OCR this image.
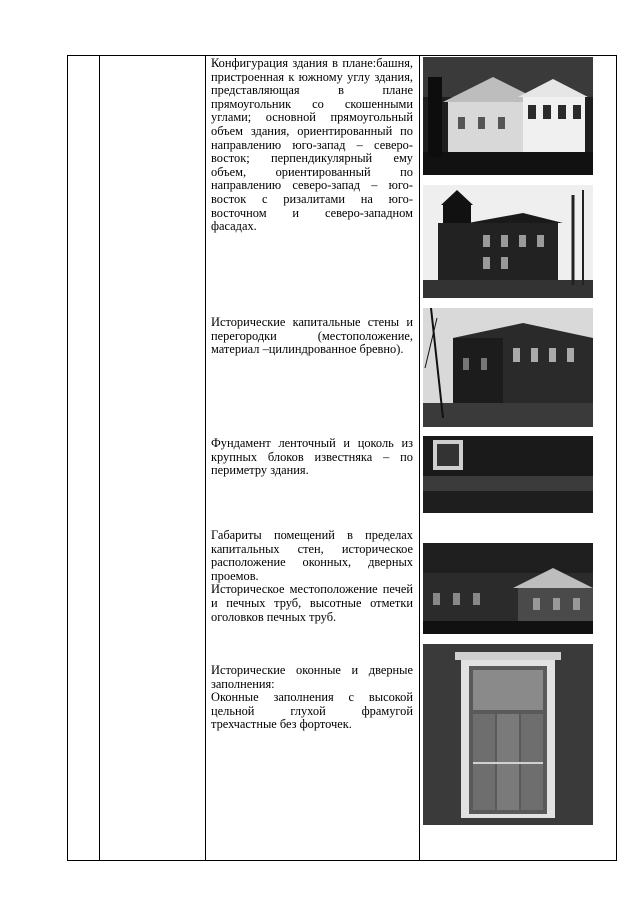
Конфигурация здания в плане:башня, пристроенная к южному углу здания, представляющая в плане прямоугольник со скошенными углами; основной прямоугольный объем здания, ориентированный по направлению юго-запад – северо-восток; перпендикулярный ему объем, ориентированный по направлению северо-запад – юго-восток с ризалитами на юго-восточном и северо-западном фасадах.

Исторические капитальные стены и перегородки (местоположение, материал –цилиндрованное бревно).

Фундамент ленточный и цоколь из крупных блоков известняка – по периметру здания.

Габариты помещений в пределах капитальных стен, историческое расположение оконных, дверных проемов.

Историческое местоположение печей и печных труб, высотные отметки оголовков печных труб.

Исторические оконные и дверные заполнения:

Оконные заполнения с высокой цельной глухой фрамугой трехчастные без форточек.
